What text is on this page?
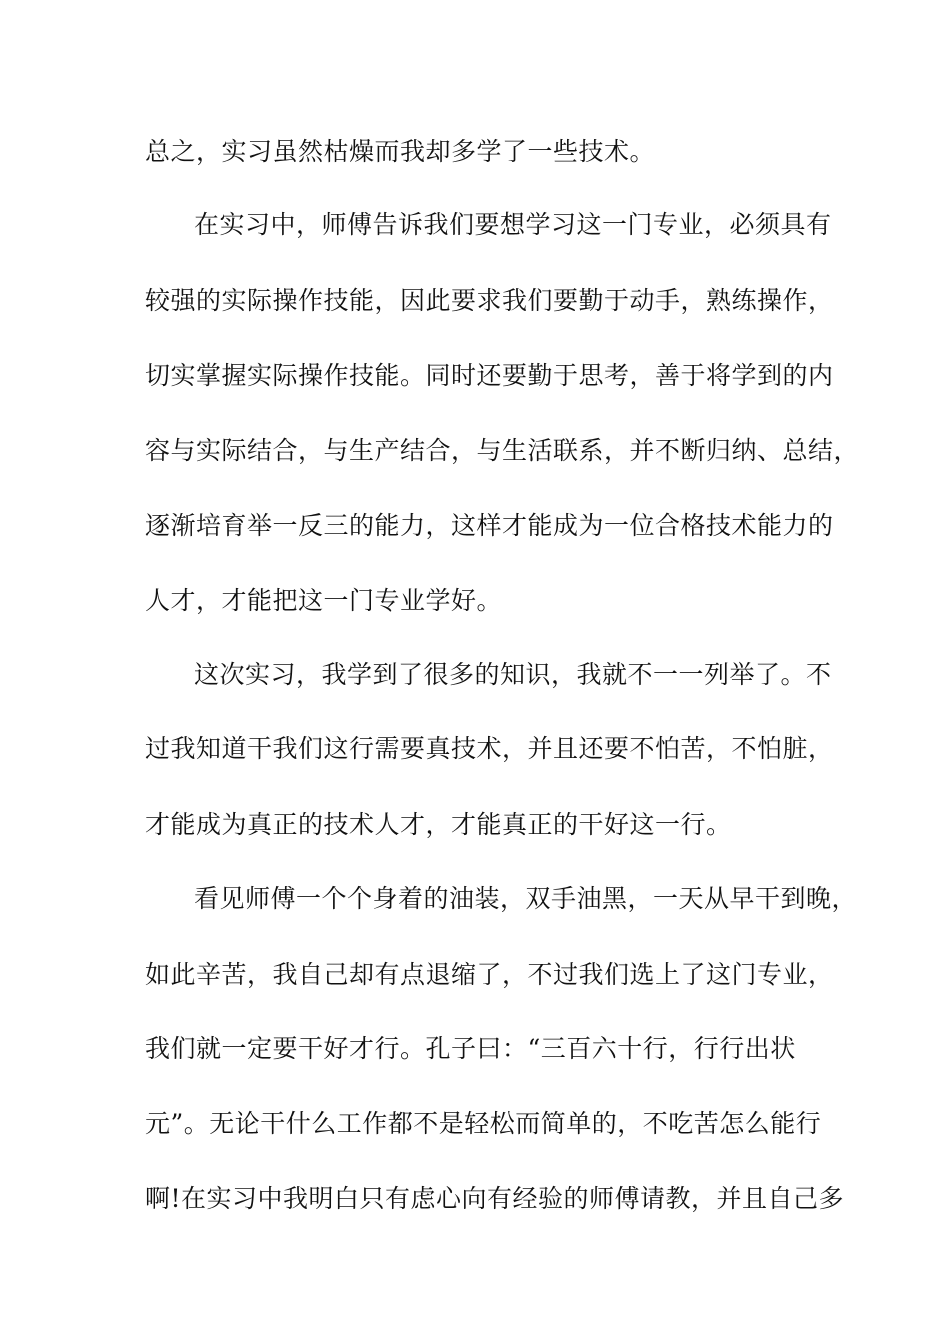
总之，实习虽然枯燥而我却多学了一些技术。
在实习中，师傅告诉我们要想学习这一门专业，必须具有
较强的实际操作技能，因此要求我们要勤于动手，熟练操作，
切实掌握实际操作技能。同时还要勤于思考，善于将学到的内
容与实际结合，与生产结合，与生活联系，并不断归纳、总结，
逐渐培育举一反三的能力，这样才能成为一位合格技术能力的
人才，才能把这一门专业学好。
这次实习，我学到了很多的知识，我就不一一列举了。不
过我知道干我们这行需要真技术，并且还要不怕苦，不怕脏，
才能成为真正的技术人才，才能真正的干好这一行。
看见师傅一个个身着的油装，双手油黑，一天从早干到晚，
如此辛苦，我自己却有点退缩了，不过我们选上了这门专业，
我们就一定要干好才行。孔子曰：“三百六十行，行行出状
元”。无论干什么工作都不是轻松而简单的，不吃苦怎么能行
啊!在实习中我明白只有虑心向有经验的师傅请教，并且自己多
